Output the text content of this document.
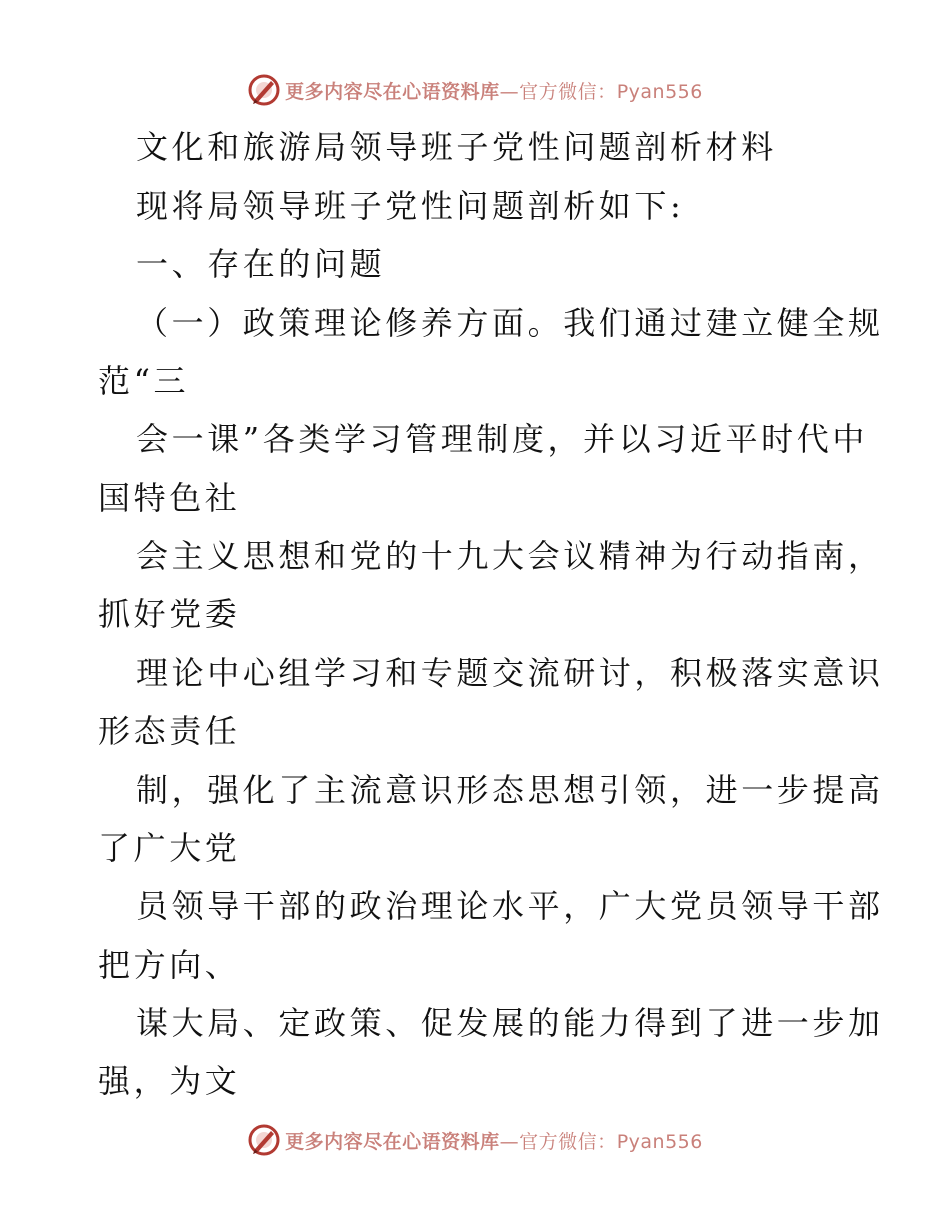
更多内容尽在心语资料库—官方微信：Pyan556
文化和旅游局领导班子党性问题剖析材料
现将局领导班子党性问题剖析如下:
一、存在的问题
（一）政策理论修养方面。我们通过建立健全规
范“三
会一课”各类学习管理制度，并以习近平时代中
国特色社
会主义思想和党的十九大会议精神为行动指南，
抓好党委
理论中心组学习和专题交流研讨，积极落实意识
形态责任
制，强化了主流意识形态思想引领，进一步提高
了广大党
员领导干部的政治理论水平，广大党员领导干部
把方向、
谋大局、定政策、促发展的能力得到了进一步加
强，为文
更多内容尽在心语资料库—官方微信：Pyan556
